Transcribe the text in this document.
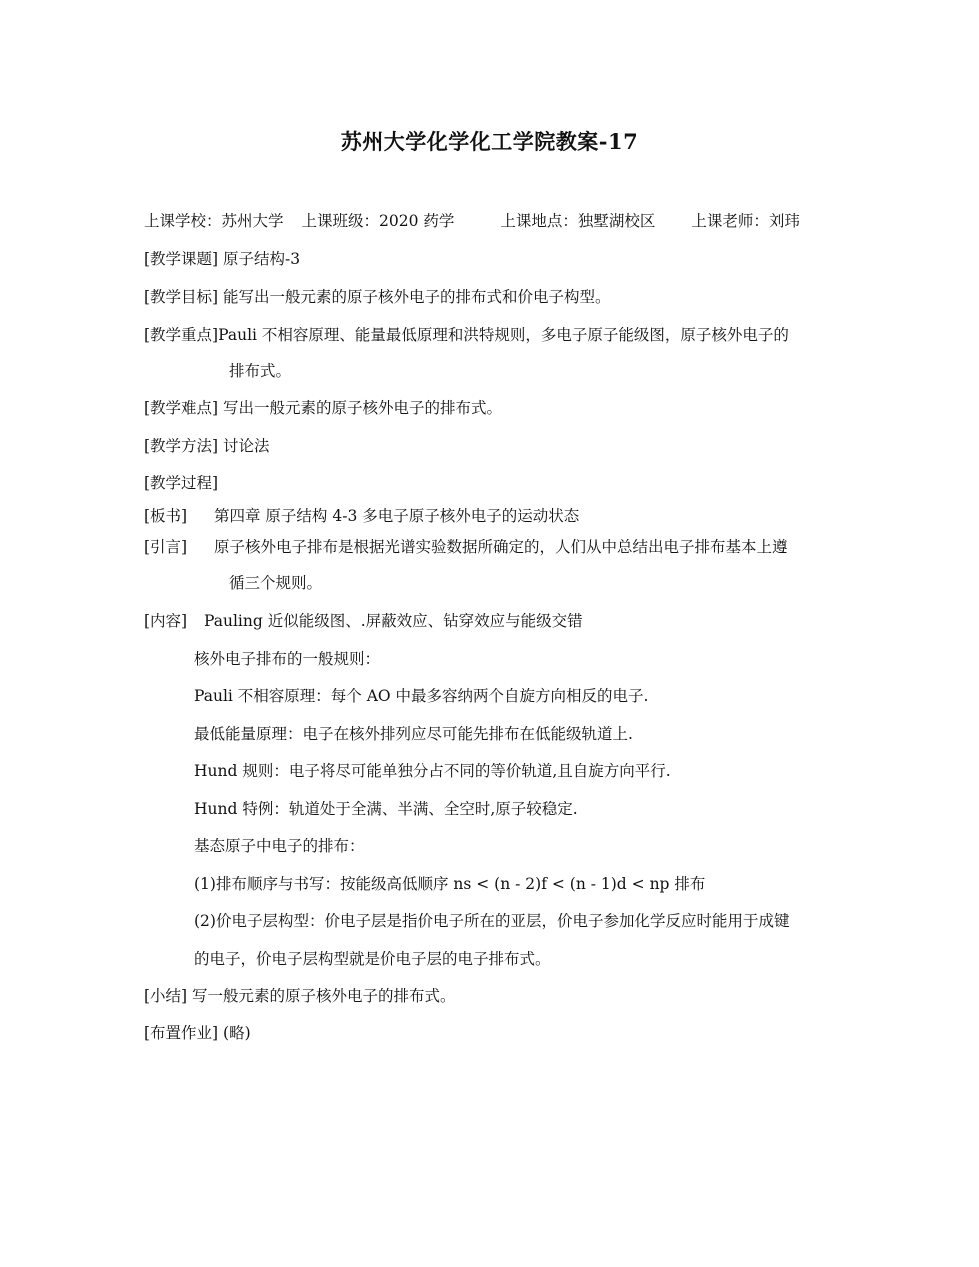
苏州大学化学化工学院教案-17
上课学校：苏州大学 上课班级：2020 药学	上课地点：独墅湖校区 上课老师：刘玮
[教学课题] 原子结构-3
[教学目标] 能写出一般元素的原子核外电子的排布式和价电子构型。
[教学重点]Pauli 不相容原理、能量最低原理和洪特规则，多电子原子能级图，原子核外电子的
排布式。
[教学难点] 写出一般元素的原子核外电子的排布式。
[教学方法] 讨论法
[教学过程]
[板书] 第四章 原子结构 4-3 多电子原子核外电子的运动状态
[引言] 原子核外电子排布是根据光谱实验数据所确定的，人们从中总结出电子排布基本上遵
循三个规则。
[内容] Pauling 近似能级图、.屏蔽效应、钻穿效应与能级交错
核外电子排布的一般规则：
Pauli 不相容原理：每个 AO 中最多容纳两个自旋方向相反的电子.
最低能量原理：电子在核外排列应尽可能先排布在低能级轨道上.
Hund 规则：电子将尽可能单独分占不同的等价轨道,且自旋方向平行.
Hund 特例：轨道处于全满、半满、全空时,原子较稳定.
基态原子中电子的排布：
(1)排布顺序与书写：按能级高低顺序 ns < (n - 2)f < (n - 1)d < np 排布
(2)价电子层构型：价电子层是指价电子所在的亚层，价电子参加化学反应时能用于成键
的电子，价电子层构型就是价电子层的电子排布式。
[小结] 写一般元素的原子核外电子的排布式。
[布置作业] (略)
